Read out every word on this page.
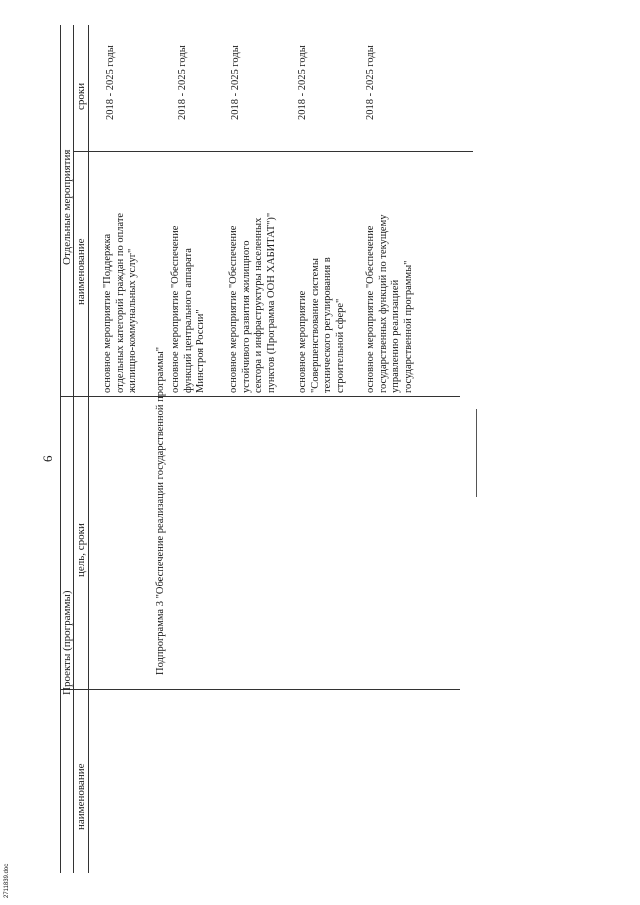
6
Проекты (программы)
Отдельные мероприятия
наименование
цель, сроки
наименование
сроки
Подпрограмма 3 "Обеспечение реализации государственной программы"
основное мероприятие "Поддержка отдельных категорий граждан по оплате жилищно-коммунальных услуг"
2018 - 2025 годы
основное мероприятие "Обеспечение функций центрального аппарата Минстроя России"
2018 - 2025 годы
основное мероприятие "Обеспечение устойчивого развития жилищного сектора и инфраструктуры населенных пунктов (Программа ООН ХАБИТАТ")"
2018 - 2025 годы
основное мероприятие "Совершенствование системы технического регулирования в строительной сфере"
2018 - 2025 годы
основное мероприятие "Обеспечение государственных функций по текущему управлению реализацией государственной программы"
2018 - 2025 годы
2711839.doc
